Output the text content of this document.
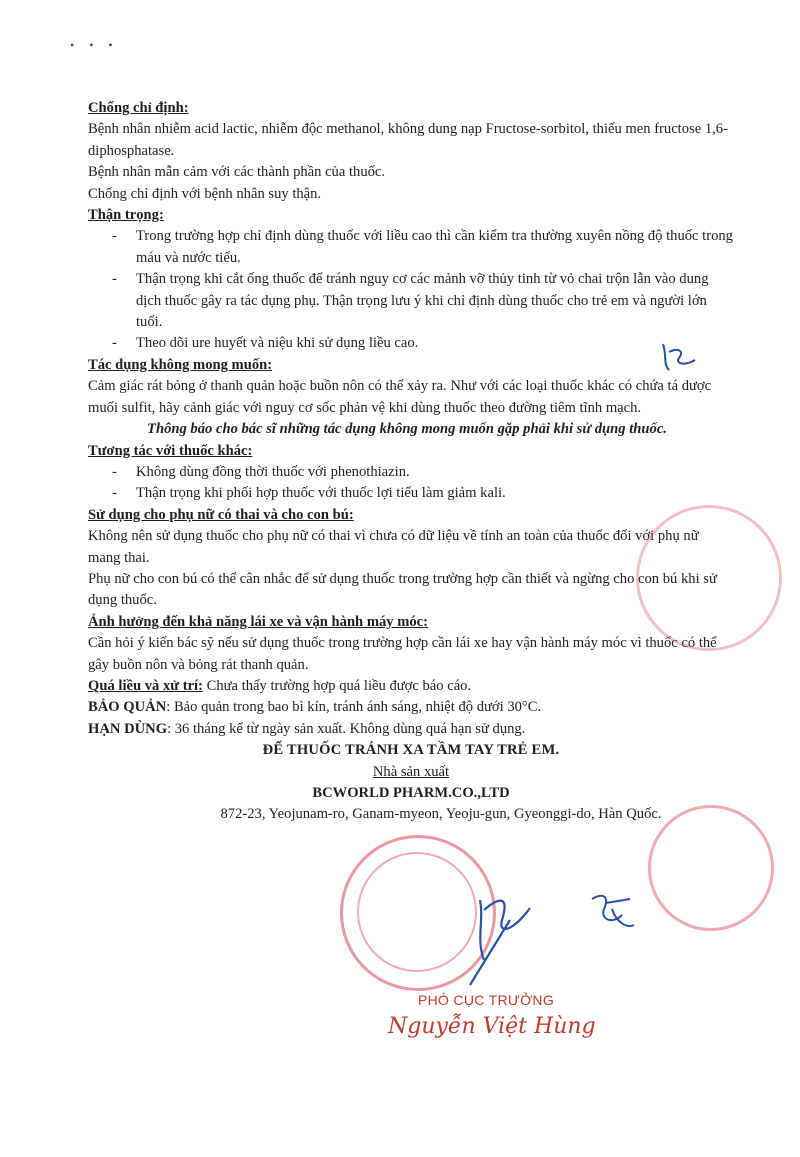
• • •

Chống chỉ định:

Bệnh nhân nhiễm acid lactic, nhiễm độc methanol, không dung nạp Fructose-sorbitol, thiếu men fructose 1,6-diphosphatase.

Bệnh nhân mẫn cảm với các thành phần của thuốc.

Chống chỉ định với bệnh nhân suy thận.

Thận trọng:

- Trong trường hợp chỉ định dùng thuốc với liều cao thì cần kiểm tra thường xuyên nồng độ thuốc trong máu và nước tiểu.
- Thận trọng khi cắt ống thuốc để tránh nguy cơ các mảnh vỡ thủy tinh từ vỏ chai trộn lẫn vào dung dịch thuốc gây ra tác dụng phụ. Thận trọng lưu ý khi chỉ định dùng thuốc cho trẻ em và người lớn tuổi.
- Theo dõi ure huyết và niệu khi sử dụng liều cao.

Tác dụng không mong muốn:

Cảm giác rát bỏng ở thanh quản hoặc buồn nôn có thể xảy ra. Như với các loại thuốc khác có chứa tá dược muối sulfit, hãy cảnh giác với nguy cơ sốc phản vệ khi dùng thuốc theo đường tiêm tĩnh mạch.

Thông báo cho bác sĩ những tác dụng không mong muốn gặp phải khi sử dụng thuốc.

Tương tác với thuốc khác:

- Không dùng đồng thời thuốc với phenothiazin.
- Thận trọng khi phối hợp thuốc với thuốc lợi tiểu làm giảm kali.

Sử dụng cho phụ nữ có thai và cho con bú:

Không nên sử dụng thuốc cho phụ nữ có thai vì chưa có dữ liệu về tính an toàn của thuốc đối với phụ nữ mang thai.

Phụ nữ cho con bú có thể cân nhắc để sử dụng thuốc trong trường hợp cần thiết và ngừng cho con bú khi sử dụng thuốc.

Ảnh hưởng đến khả năng lái xe và vận hành máy móc:

Cần hỏi ý kiến bác sỹ nếu sử dụng thuốc trong trường hợp cần lái xe hay vận hành máy móc vì thuốc có thể gây buồn nôn và bỏng rát thanh quản.

Quá liều và xử trí: Chưa thấy trường hợp quá liều được báo cáo.

BẢO QUẢN: Bảo quản trong bao bì kín, tránh ánh sáng, nhiệt độ dưới 30°C.

HẠN DÙNG: 36 tháng kể từ ngày sản xuất. Không dùng quá hạn sử dụng.

ĐỂ THUỐC TRÁNH XA TẦM TAY TRẺ EM.

Nhà sản xuất

BCWORLD PHARM.CO.,LTD

872-23, Yeojunam-ro, Ganam-myeon, Yeoju-gun, Gyeonggi-do, Hàn Quốc.

PHÓ CỤC TRƯỞNG
Nguyễn Việt Hùng
